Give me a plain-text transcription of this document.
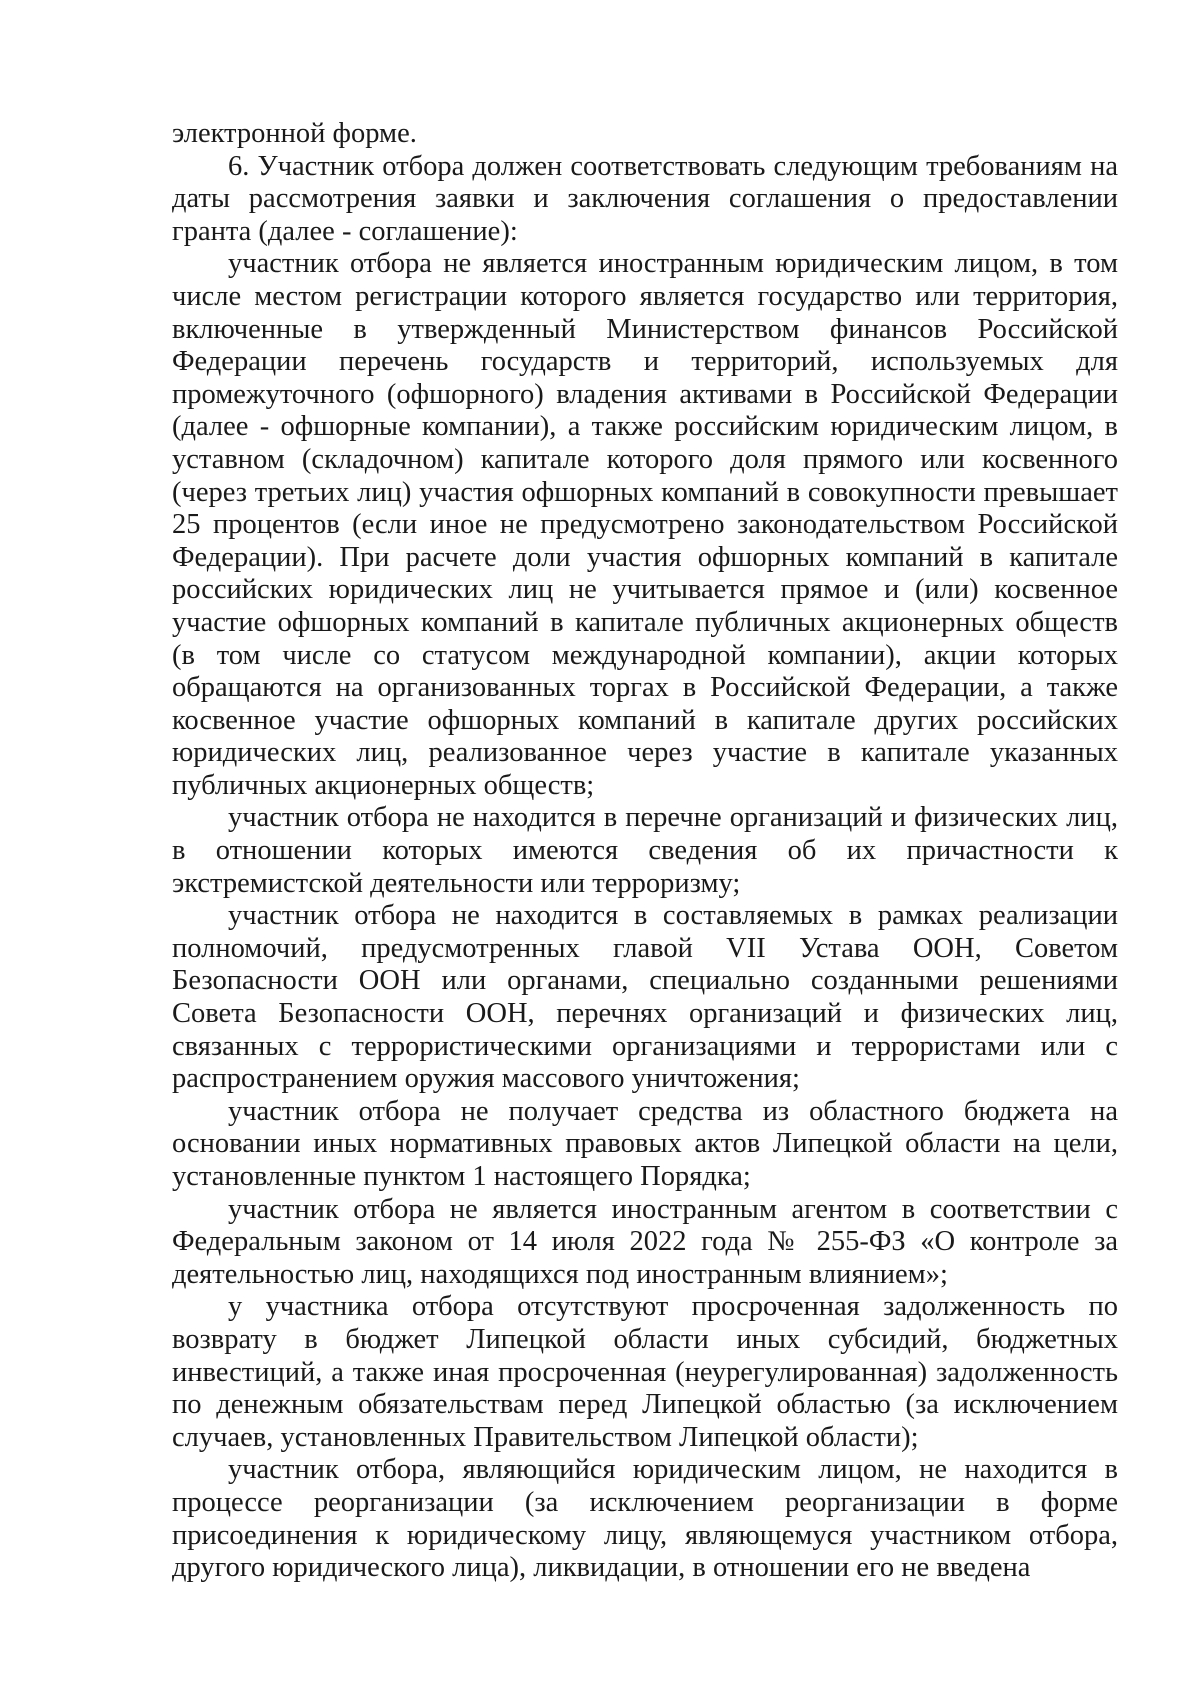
электронной форме.

6. Участник отбора должен соответствовать следующим требованиям на даты рассмотрения заявки и заключения соглашения о предоставлении гранта (далее - соглашение):

участник отбора не является иностранным юридическим лицом, в том числе местом регистрации которого является государство или территория, включенные в утвержденный Министерством финансов Российской Федерации перечень государств и территорий, используемых для промежуточного (офшорного) владения активами в Российской Федерации (далее - офшорные компании), а также российским юридическим лицом, в уставном (складочном) капитале которого доля прямого или косвенного (через третьих лиц) участия офшорных компаний в совокупности превышает 25 процентов (если иное не предусмотрено законодательством Российской Федерации). При расчете доли участия офшорных компаний в капитале российских юридических лиц не учитывается прямое и (или) косвенное участие офшорных компаний в капитале публичных акционерных обществ (в том числе со статусом международной компании), акции которых обращаются на организованных торгах в Российской Федерации, а также косвенное участие офшорных компаний в капитале других российских юридических лиц, реализованное через участие в капитале указанных публичных акционерных обществ;

участник отбора не находится в перечне организаций и физических лиц, в отношении которых имеются сведения об их причастности к экстремистской деятельности или терроризму;

участник отбора не находится в составляемых в рамках реализации полномочий, предусмотренных главой VII Устава ООН, Советом Безопасности ООН или органами, специально созданными решениями Совета Безопасности ООН, перечнях организаций и физических лиц, связанных с террористическими организациями и террористами или с распространением оружия массового уничтожения;

участник отбора не получает средства из областного бюджета на основании иных нормативных правовых актов Липецкой области на цели, установленные пунктом 1 настоящего Порядка;

участник отбора не является иностранным агентом в соответствии с Федеральным законом от 14 июля 2022 года № 255-ФЗ «О контроле за деятельностью лиц, находящихся под иностранным влиянием»;

у участника отбора отсутствуют просроченная задолженность по возврату в бюджет Липецкой области иных субсидий, бюджетных инвестиций, а также иная просроченная (неурегулированная) задолженность по денежным обязательствам перед Липецкой областью (за исключением случаев, установленных Правительством Липецкой области);

участник отбора, являющийся юридическим лицом, не находится в процессе реорганизации (за исключением реорганизации в форме присоединения к юридическому лицу, являющемуся участником отбора, другого юридического лица), ликвидации, в отношении его не введена
